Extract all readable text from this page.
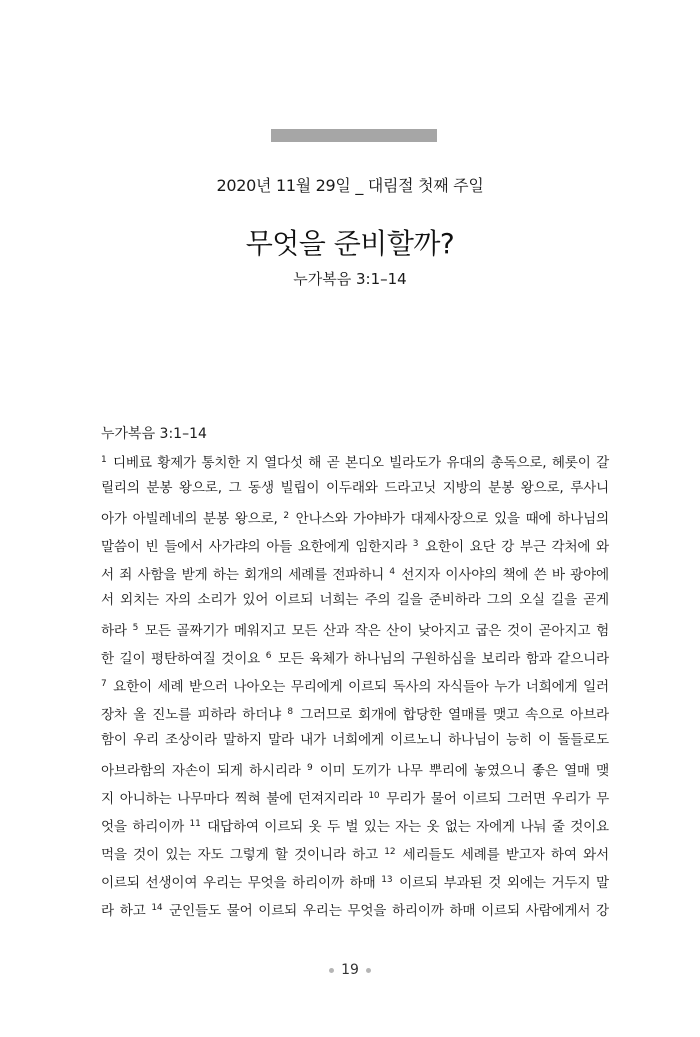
2020년 11월 29일 _ 대림절 첫째 주일
무엇을 준비할까?
누가복음 3:1–14
누가복음 3:1–14
$^1$ 디베료 황제가 통치한 지 열다섯 해 곧 본디오 빌라도가 유대의 총독으로, 헤롯이 갈
릴리의 분봉 왕으로, 그 동생 빌립이 이두래와 드라고닛 지방의 분봉 왕으로, 루사니
아가 아빌레네의 분봉 왕으로, $^2$ 안나스와 가야바가 대제사장으로 있을 때에 하나님의
말씀이 빈 들에서 사가랴의 아들 요한에게 임한지라 $^3$ 요한이 요단 강 부근 각처에 와
서 죄 사함을 받게 하는 회개의 세례를 전파하니 $^4$ 선지자 이사야의 책에 쓴 바 광야에
서 외치는 자의 소리가 있어 이르되 너희는 주의 길을 준비하라 그의 오실 길을 곧게
하라 $^5$ 모든 골짜기가 메워지고 모든 산과 작은 산이 낮아지고 굽은 것이 곧아지고 험
한 길이 평탄하여질 것이요 $^6$ 모든 육체가 하나님의 구원하심을 보리라 함과 같으니라
$^7$ 요한이 세례 받으러 나아오는 무리에게 이르되 독사의 자식들아 누가 너희에게 일러
장차 올 진노를 피하라 하더냐 $^8$ 그러므로 회개에 합당한 열매를 맺고 속으로 아브라
함이 우리 조상이라 말하지 말라 내가 너희에게 이르노니 하나님이 능히 이 돌들로도
아브라함의 자손이 되게 하시리라 $^9$ 이미 도끼가 나무 뿌리에 놓였으니 좋은 열매 맺
지 아니하는 나무마다 찍혀 불에 던져지리라 $^{10}$ 무리가 물어 이르되 그러면 우리가 무
엇을 하리이까 $^{11}$ 대답하여 이르되 옷 두 벌 있는 자는 옷 없는 자에게 나눠 줄 것이요
먹을 것이 있는 자도 그렇게 할 것이니라 하고 $^{12}$ 세리들도 세례를 받고자 하여 와서
이르되 선생이여 우리는 무엇을 하리이까 하매 $^{13}$ 이르되 부과된 것 외에는 거두지 말
라 하고 $^{14}$ 군인들도 물어 이르되 우리는 무엇을 하리이까 하매 이르되 사람에게서 강
19
